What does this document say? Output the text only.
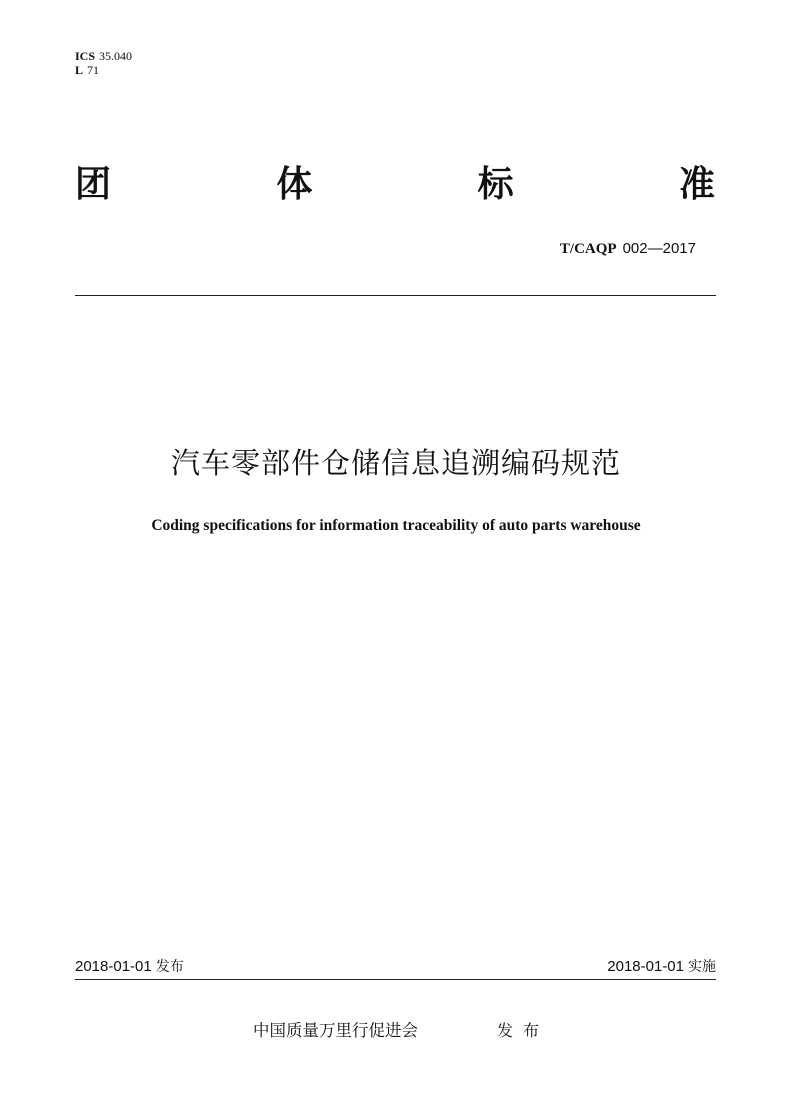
ICS 35.040
L 71
团	体	标	准
T/CAQP 002—2017
汽车零部件仓储信息追溯编码规范
Coding specifications for information traceability of auto parts warehouse
2018-01-01 发布	2018-01-01 实施
中国质量万里行促进会	发布
